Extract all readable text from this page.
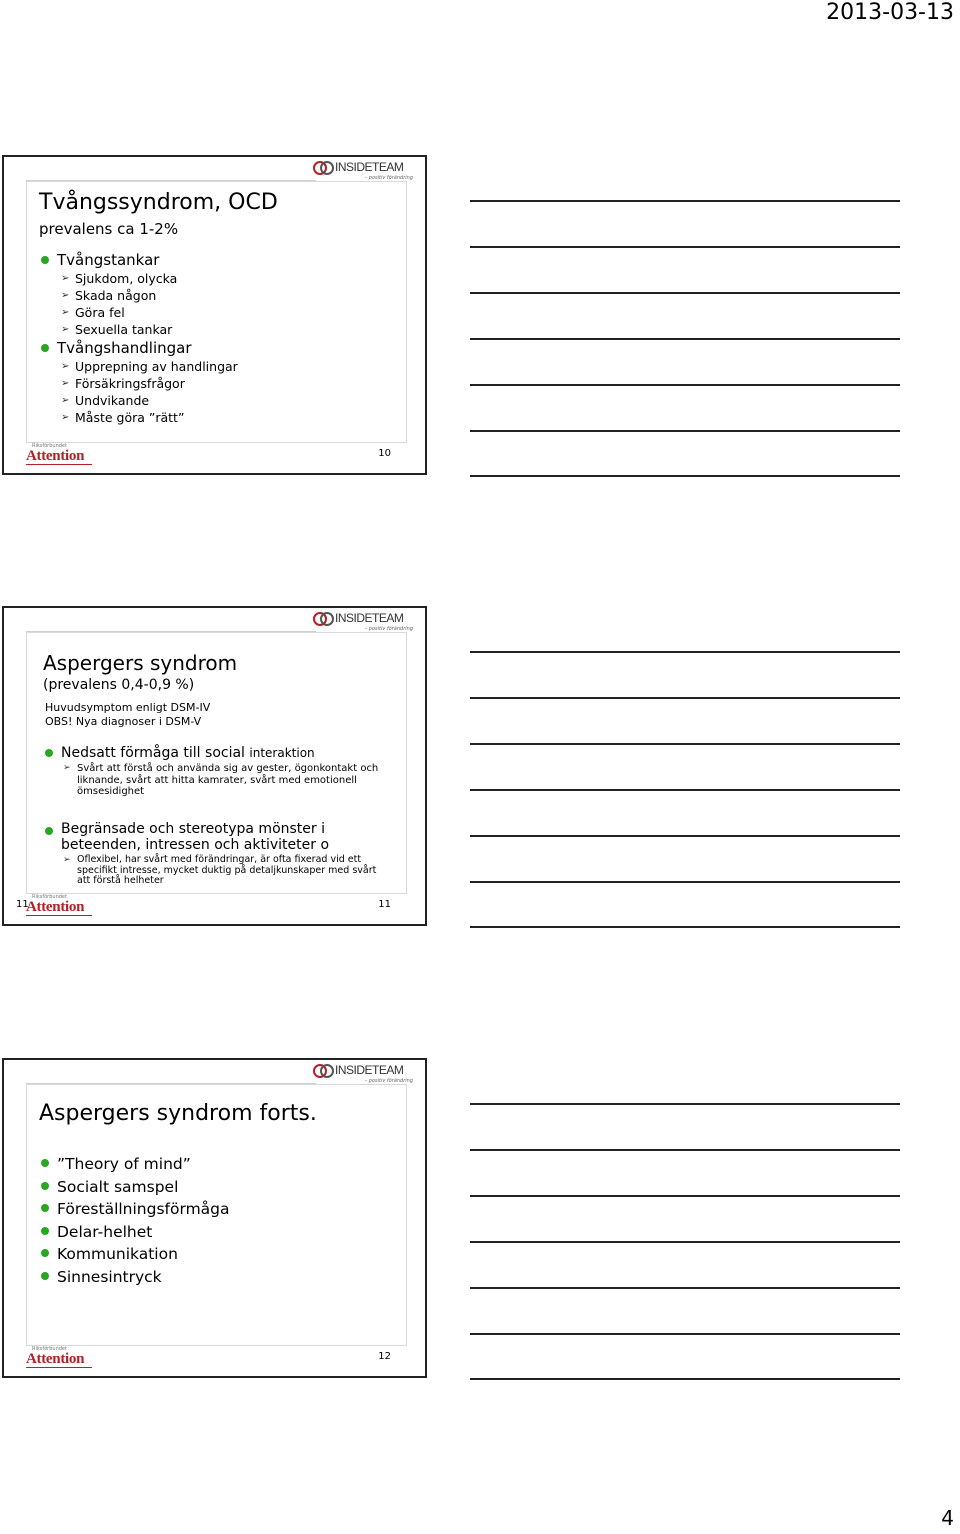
2013-03-13
INSIDETEAM
– positiv förändring
Tvångssyndrom, OCD
prevalens ca 1-2%
Tvångstankar
➢ Sjukdom, olycka
➢ Skada någon
➢ Göra fel
➢ Sexuella tankar
Tvångshandlingar
➢ Upprepning av handlingar
➢ Försäkringsfrågor
➢ Undvikande
➢ Måste göra ”rätt”
Riksförbundet
Attention	10
INSIDETEAM
– positiv förändring
Aspergers syndrom
(prevalens 0,4-0,9 %)
Huvudsymptom enligt DSM-IV
OBS! Nya diagnoser i DSM-V
Nedsatt förmåga till social interaktion
➢ Svårt att förstå och använda sig av gester, ögonkontakt och liknande, svårt att hitta kamrater, svårt med emotionell ömsesidighet
Begränsade och stereotypa mönster i beteenden, intressen och aktiviteter o
➢ Oflexibel, har svårt med förändringar, är ofta fixerad vid ett specifikt intresse, mycket duktig på detaljkunskaper med svårt att förstå helheter
11
Riksförbundet
Attention	11
INSIDETEAM
– positiv förändring
Aspergers syndrom forts.
”Theory of mind”
Socialt samspel
Föreställningsförmåga
Delar-helhet
Kommunikation
Sinnesintryck
Riksförbundet
Attention	12
4
